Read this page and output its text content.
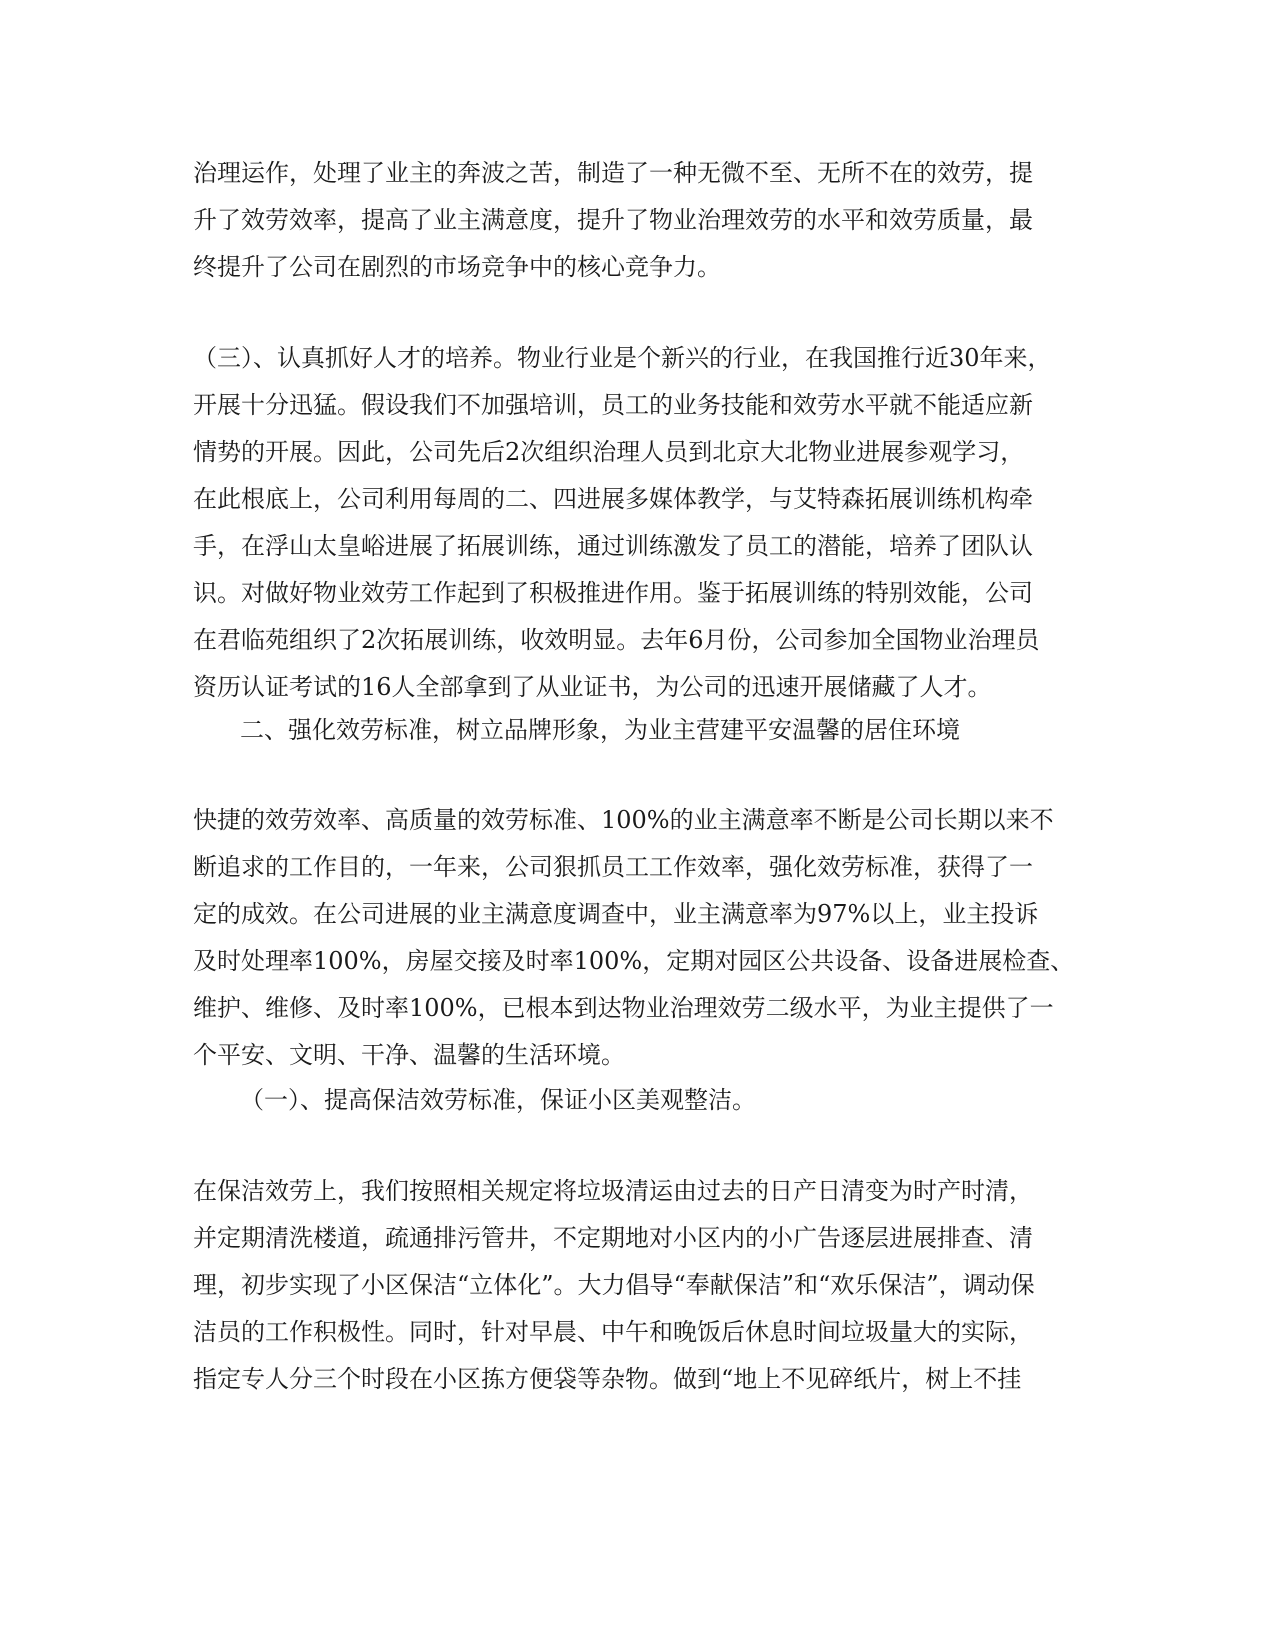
治理运作，处理了业主的奔波之苦，制造了一种无微不至、无所不在的效劳，提
升了效劳效率，提高了业主满意度，提升了物业治理效劳的水平和效劳质量，最
终提升了公司在剧烈的市场竞争中的核心竞争力。
（三）、认真抓好人才的培养。物业行业是个新兴的行业，在我国推行近30年来，
开展十分迅猛。假设我们不加强培训，员工的业务技能和效劳水平就不能适应新
情势的开展。因此，公司先后2次组织治理人员到北京大北物业进展参观学习，
在此根底上，公司利用每周的二、四进展多媒体教学，与艾特森拓展训练机构牵
手，在浮山太皇峪进展了拓展训练，通过训练激发了员工的潜能，培养了团队认
识。对做好物业效劳工作起到了积极推进作用。鉴于拓展训练的特别效能，公司
在君临苑组织了2次拓展训练，收效明显。去年6月份，公司参加全国物业治理员
资历认证考试的16人全部拿到了从业证书，为公司的迅速开展储藏了人才。
二、强化效劳标准，树立品牌形象，为业主营建平安温馨的居住环境
快捷的效劳效率、高质量的效劳标准、100%的业主满意率不断是公司长期以来不
断追求的工作目的，一年来，公司狠抓员工工作效率，强化效劳标准，获得了一
定的成效。在公司进展的业主满意度调查中，业主满意率为97%以上，业主投诉
及时处理率100%，房屋交接及时率100%，定期对园区公共设备、设备进展检查、
维护、维修、及时率100%，已根本到达物业治理效劳二级水平，为业主提供了一
个平安、文明、干净、温馨的生活环境。
（一）、提高保洁效劳标准，保证小区美观整洁。
在保洁效劳上，我们按照相关规定将垃圾清运由过去的日产日清变为时产时清，
并定期清洗楼道，疏通排污管井，不定期地对小区内的小广告逐层进展排查、清
理，初步实现了小区保洁“立体化”。大力倡导“奉献保洁”和“欢乐保洁”，调动保
洁员的工作积极性。同时，针对早晨、中午和晚饭后休息时间垃圾量大的实际，
指定专人分三个时段在小区拣方便袋等杂物。做到“地上不见碎纸片，树上不挂
